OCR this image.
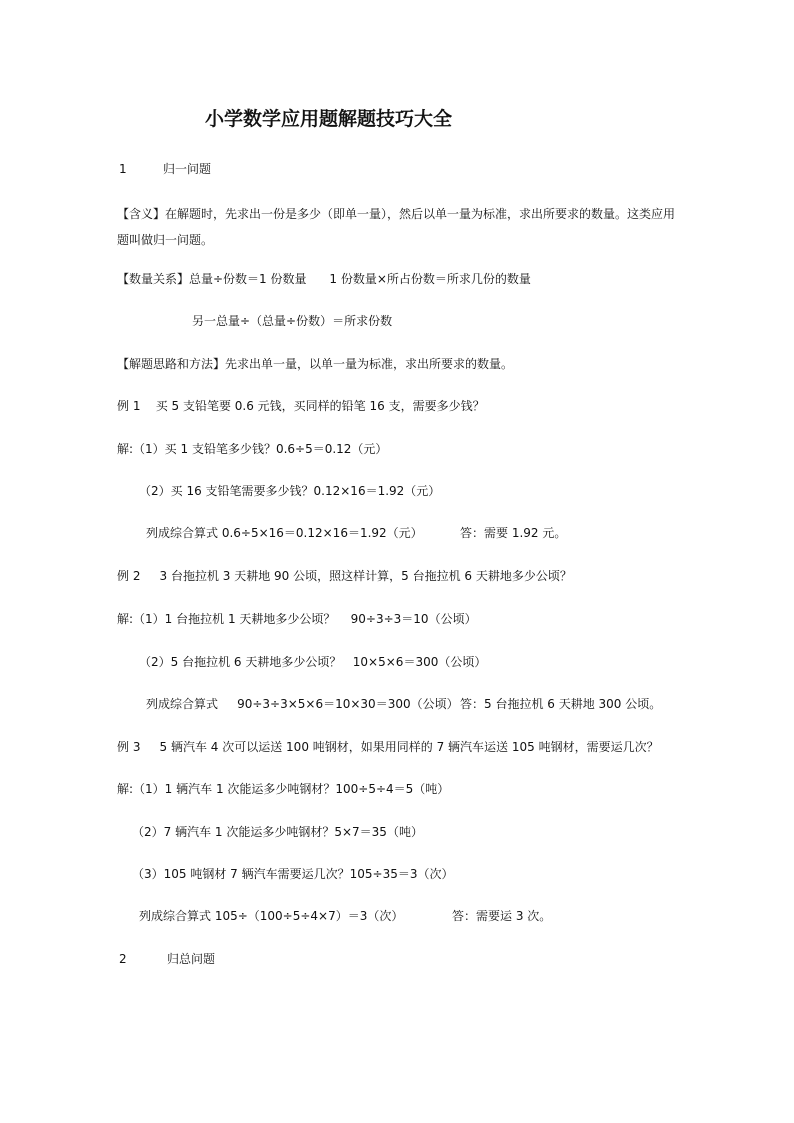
小学数学应用题解题技巧大全
1	归一问题
【含义】在解题时，先求出一份是多少（即单一量），然后以单一量为标准，求出所要求的数量。这类应用题叫做归一问题。
【数量关系】总量÷份数＝1 份数量      1 份数量×所占份数＝所求几份的数量
另一总量÷（总量÷份数）＝所求份数
【解题思路和方法】先求出单一量，以单一量为标准，求出所要求的数量。
例 1    买 5 支铅笔要 0.6 元钱，买同样的铅笔 16 支，需要多少钱？
解:（1）买 1 支铅笔多少钱？0.6÷5＝0.12（元）
（2）买 16 支铅笔需要多少钱？0.12×16＝1.92（元）
列成综合算式 0.6÷5×16＝0.12×16＝1.92（元）	答：需要 1.92 元。
例 2     3 台拖拉机 3 天耕地 90 公顷，照这样计算，5 台拖拉机 6 天耕地多少公顷？
解:（1）1 台拖拉机 1 天耕地多少公顷？    90÷3÷3＝10（公顷）
（2）5 台拖拉机 6 天耕地多少公顷？   10×5×6＝300（公顷）
列成综合算式     90÷3÷3×5×6＝10×30＝300（公顷） 答：5 台拖拉机 6 天耕地 300 公顷。
例 3     5 辆汽车 4 次可以运送 100 吨钢材，如果用同样的 7 辆汽车运送 105 吨钢材，需要运几次？
解:（1）1 辆汽车 1 次能运多少吨钢材？100÷5÷4＝5（吨）
（2）7 辆汽车 1 次能运多少吨钢材？5×7＝35（吨）
（3）105 吨钢材 7 辆汽车需要运几次？105÷35＝3（次）
列成综合算式 105÷（100÷5÷4×7）＝3（次）	答：需要运 3 次。
2	归总问题
